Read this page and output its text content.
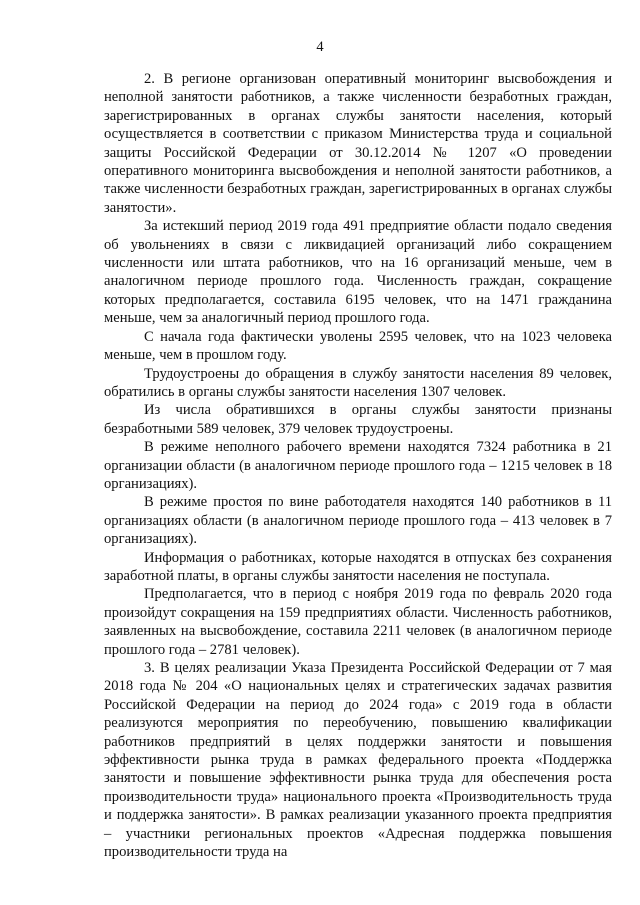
4

2. В регионе организован оперативный мониторинг высвобождения и неполной занятости работников, а также численности безработных граждан, зарегистрированных в органах службы занятости населения, который осуществляется в соответствии с приказом Министерства труда и социальной защиты Российской Федерации от 30.12.2014 № 1207 «О проведении оперативного мониторинга высвобождения и неполной занятости работников, а также численности безработных граждан, зарегистрированных в органах службы занятости».

За истекший период 2019 года 491 предприятие области подало сведения об увольнениях в связи с ликвидацией организаций либо сокращением численности или штата работников, что на 16 организаций меньше, чем в аналогичном периоде прошлого года. Численность граждан, сокращение которых предполагается, составила 6195 человек, что на 1471 гражданина меньше, чем за аналогичный период прошлого года.

С начала года фактически уволены 2595 человек, что на 1023 человека меньше, чем в прошлом году.

Трудоустроены до обращения в службу занятости населения 89 человек, обратились в органы службы занятости населения 1307 человек.

Из числа обратившихся в органы службы занятости признаны безработными 589 человек, 379 человек трудоустроены.

В режиме неполного рабочего времени находятся 7324 работника в 21 организации области (в аналогичном периоде прошлого года – 1215 человек в 18 организациях).

В режиме простоя по вине работодателя находятся 140 работников в 11 организациях области (в аналогичном периоде прошлого года – 413 человек в 7 организациях).

Информация о работниках, которые находятся в отпусках без сохранения заработной платы, в органы службы занятости населения не поступала.

Предполагается, что в период с ноября 2019 года по февраль 2020 года произойдут сокращения на 159 предприятиях области. Численность работников, заявленных на высвобождение, составила 2211 человек (в аналогичном периоде прошлого года – 2781 человек).

3. В целях реализации Указа Президента Российской Федерации от 7 мая 2018 года № 204 «О национальных целях и стратегических задачах развития Российской Федерации на период до 2024 года» с 2019 года в области реализуются мероприятия по переобучению, повышению квалификации работников предприятий в целях поддержки занятости и повышения эффективности рынка труда в рамках федерального проекта «Поддержка занятости и повышение эффективности рынка труда для обеспечения роста производительности труда» национального проекта «Производительность труда и поддержка занятости». В рамках реализации указанного проекта предприятия – участники региональных проектов «Адресная поддержка повышения производительности труда на
